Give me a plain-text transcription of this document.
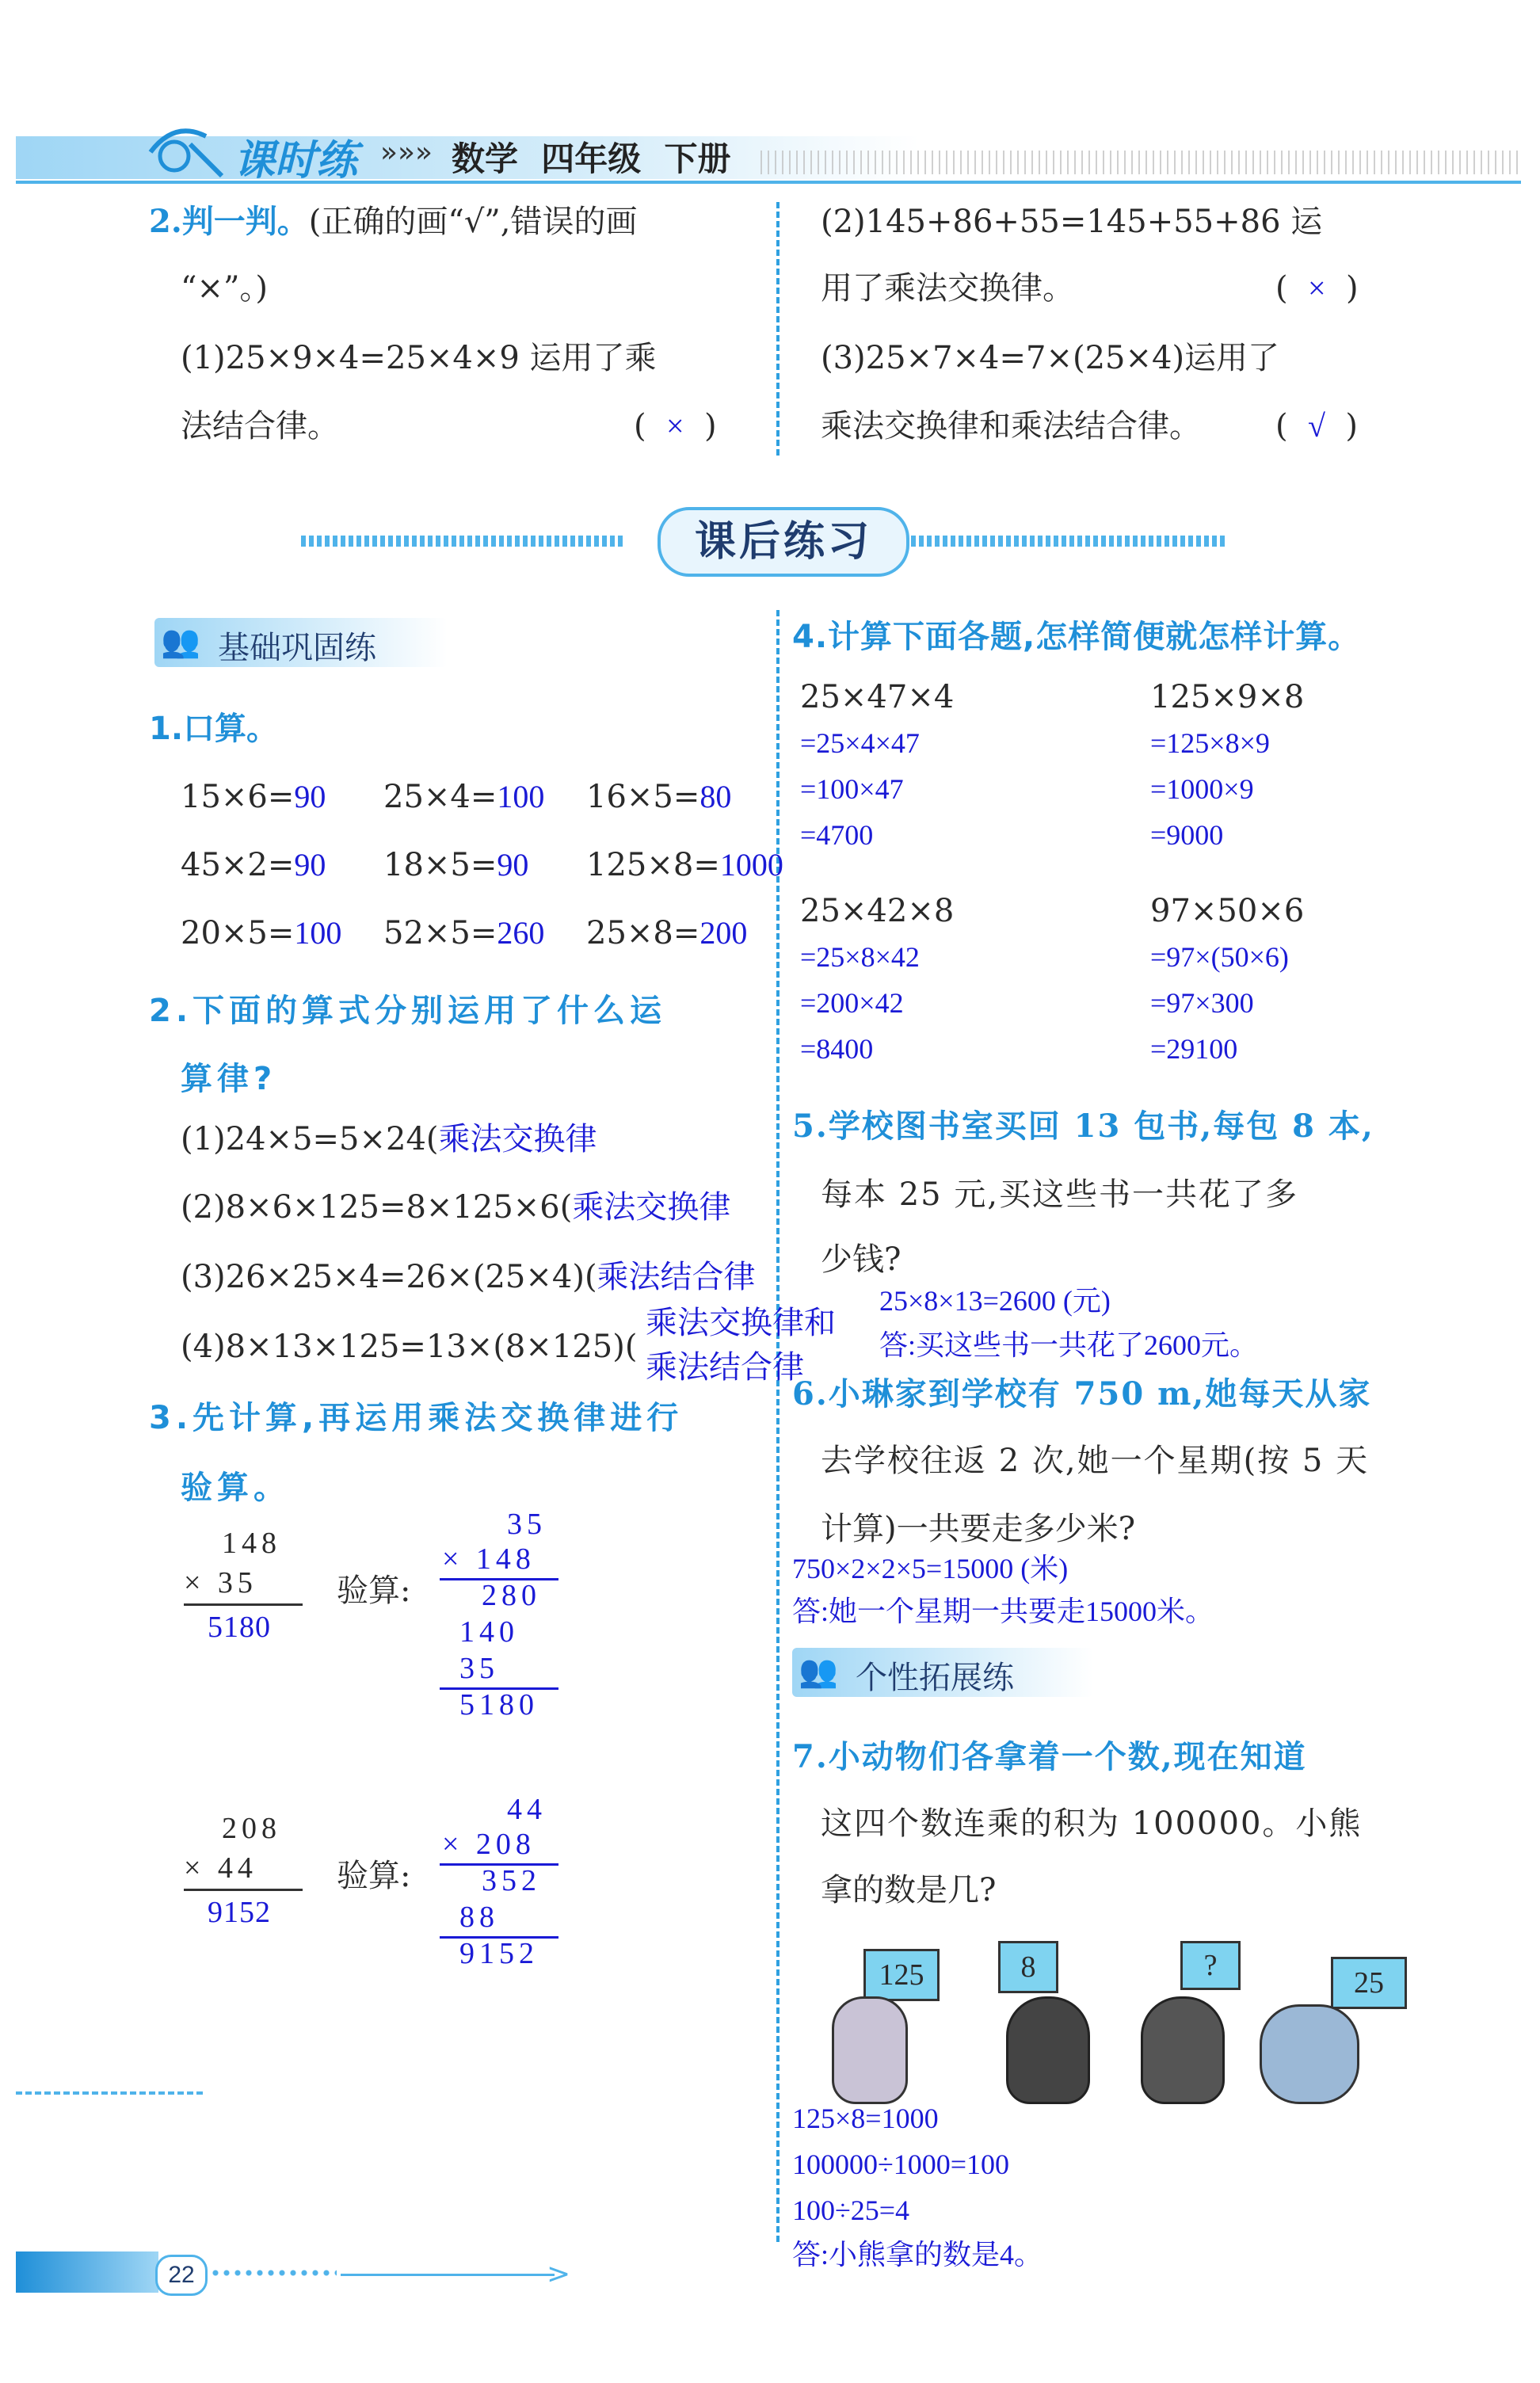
课时练 »»» 数学  四年级  下册
2.判一判。(正确的画“√”,错误的画
“×”。)
(1)25×9×4=25×4×9 运用了乘
法结合律。	(  ×  )
(2)145+86+55=145+55+86 运
用了乘法交换律。	(  ×  )
(3)25×7×4=7×(25×4)运用了
乘法交换律和乘法结合律。 (  √  )
课后练习
👥 基础巩固练
1.口算。
15×6=90 25×4=100 16×5=80
45×2=90 18×5=90 125×8=1000
20×5=100 52×5=260 25×8=200
2.下面的算式分别运用了什么运
算律?
(1)24×5=5×24(乘法交换律
(2)8×6×125=8×125×6(乘法交换律
(3)26×25×4=26×(25×4)(乘法结合律
(4)8×13×125=13×(8×125)(
乘法交换律和
乘法结合律
3.先计算,再运用乘法交换律进行
验算。
148
× 35
5180
验算:
35
× 148
280
140
35
5180
208
× 44
9152
验算:
44
× 208
352
88
9152
4.计算下面各题,怎样简便就怎样计算。
25×47×4
=25×4×47
=100×47
=4700
125×9×8
=125×8×9
=1000×9
=9000
25×42×8
=25×8×42
=200×42
=8400
97×50×6
=97×(50×6)
=97×300
=29100
5.学校图书室买回 13 包书,每包 8 本,
每本 25 元,买这些书一共花了多
少钱?
25×8×13=2600 (元)
答:买这些书一共花了2600元。
6.小琳家到学校有 750 m,她每天从家
去学校往返 2 次,她一个星期(按 5 天
计算)一共要走多少米?
750×2×2×5=15000 (米)
答:她一个星期一共要走15000米。
👥 个性拓展练
7.小动物们各拿着一个数,现在知道
这四个数连乘的积为 100000。小熊
拿的数是几?
125	8	?
25
125×8=1000
100000÷1000=100
100÷25=4
答:小熊拿的数是4。
22	>
